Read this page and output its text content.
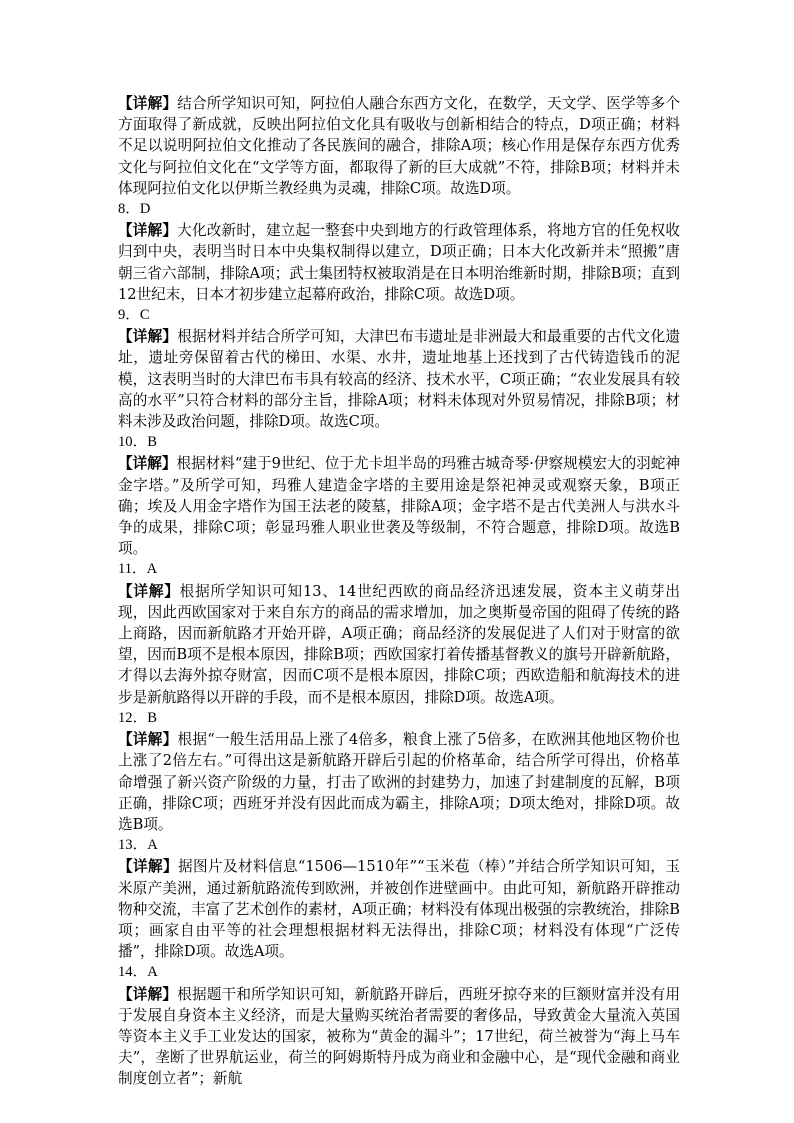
【详解】结合所学知识可知，阿拉伯人融合东西方文化，在数学，天文学、医学等多个方面取得了新成就，反映出阿拉伯文化具有吸收与创新相结合的特点，D项正确；材料不足以说明阿拉伯文化推动了各民族间的融合，排除A项；核心作用是保存东西方优秀文化与阿拉伯文化在“文学等方面，都取得了新的巨大成就”不符，排除B项；材料并未体现阿拉伯文化以伊斯兰教经典为灵魂，排除C项。故选D项。

8．D

【详解】大化改新时，建立起一整套中央到地方的行政管理体系，将地方官的任免权收归到中央，表明当时日本中央集权制得以建立，D项正确；日本大化改新并未“照搬”唐朝三省六部制，排除A项；武士集团特权被取消是在日本明治维新时期，排除B项；直到12世纪末，日本才初步建立起幕府政治，排除C项。故选D项。

9．C

【详解】根据材料并结合所学可知，大津巴布韦遗址是非洲最大和最重要的古代文化遗址，遗址旁保留着古代的梯田、水渠、水井，遗址地基上还找到了古代铸造钱币的泥模，这表明当时的大津巴布韦具有较高的经济、技术水平，C项正确；“农业发展具有较高的水平”只符合材料的部分主旨，排除A项；材料未体现对外贸易情况，排除B项；材料未涉及政治问题，排除D项。故选C项。

10．B

【详解】根据材料“建于9世纪、位于尤卡坦半岛的玛雅古城奇琴·伊察规模宏大的羽蛇神金字塔。”及所学可知，玛雅人建造金字塔的主要用途是祭祀神灵或观察天象，B项正确；埃及人用金字塔作为国王法老的陵墓，排除A项；金字塔不是古代美洲人与洪水斗争的成果，排除C项；彰显玛雅人职业世袭及等级制，不符合题意，排除D项。故选B项。

11．A

【详解】根据所学知识可知13、14世纪西欧的商品经济迅速发展，资本主义萌芽出现，因此西欧国家对于来自东方的商品的需求增加，加之奥斯曼帝国的阻碍了传统的路上商路，因而新航路才开始开辟，A项正确；商品经济的发展促进了人们对于财富的欲望，因而B项不是根本原因，排除B项；西欧国家打着传播基督教义的旗号开辟新航路，才得以去海外掠夺财富，因而C项不是根本原因，排除C项；西欧造船和航海技术的进步是新航路得以开辟的手段，而不是根本原因，排除D项。故选A项。

12．B

【详解】根据“一般生活用品上涨了4倍多，粮食上涨了5倍多，在欧洲其他地区物价也上涨了2倍左右。”可得出这是新航路开辟后引起的价格革命，结合所学可得出，价格革命增强了新兴资产阶级的力量，打击了欧洲的封建势力，加速了封建制度的瓦解，B项正确，排除C项；西班牙并没有因此而成为霸主，排除A项；D项太绝对，排除D项。故选B项。

13．A

【详解】据图片及材料信息“1506—1510年”“玉米苞（棒）”并结合所学知识可知，玉米原产美洲，通过新航路流传到欧洲，并被创作进壁画中。由此可知，新航路开辟推动物种交流，丰富了艺术创作的素材，A项正确；材料没有体现出极强的宗教统治，排除B项；画家自由平等的社会理想根据材料无法得出，排除C项；材料没有体现“广泛传播”，排除D项。故选A项。

14．A

【详解】根据题干和所学知识可知，新航路开辟后，西班牙掠夺来的巨额财富并没有用于发展自身资本主义经济，而是大量购买统治者需要的奢侈品，导致黄金大量流入英国等资本主义手工业发达的国家，被称为“黄金的漏斗”；17世纪，荷兰被誉为“海上马车夫”，垄断了世界航运业，荷兰的阿姆斯特丹成为商业和金融中心，是“现代金融和商业制度创立者”；新航
